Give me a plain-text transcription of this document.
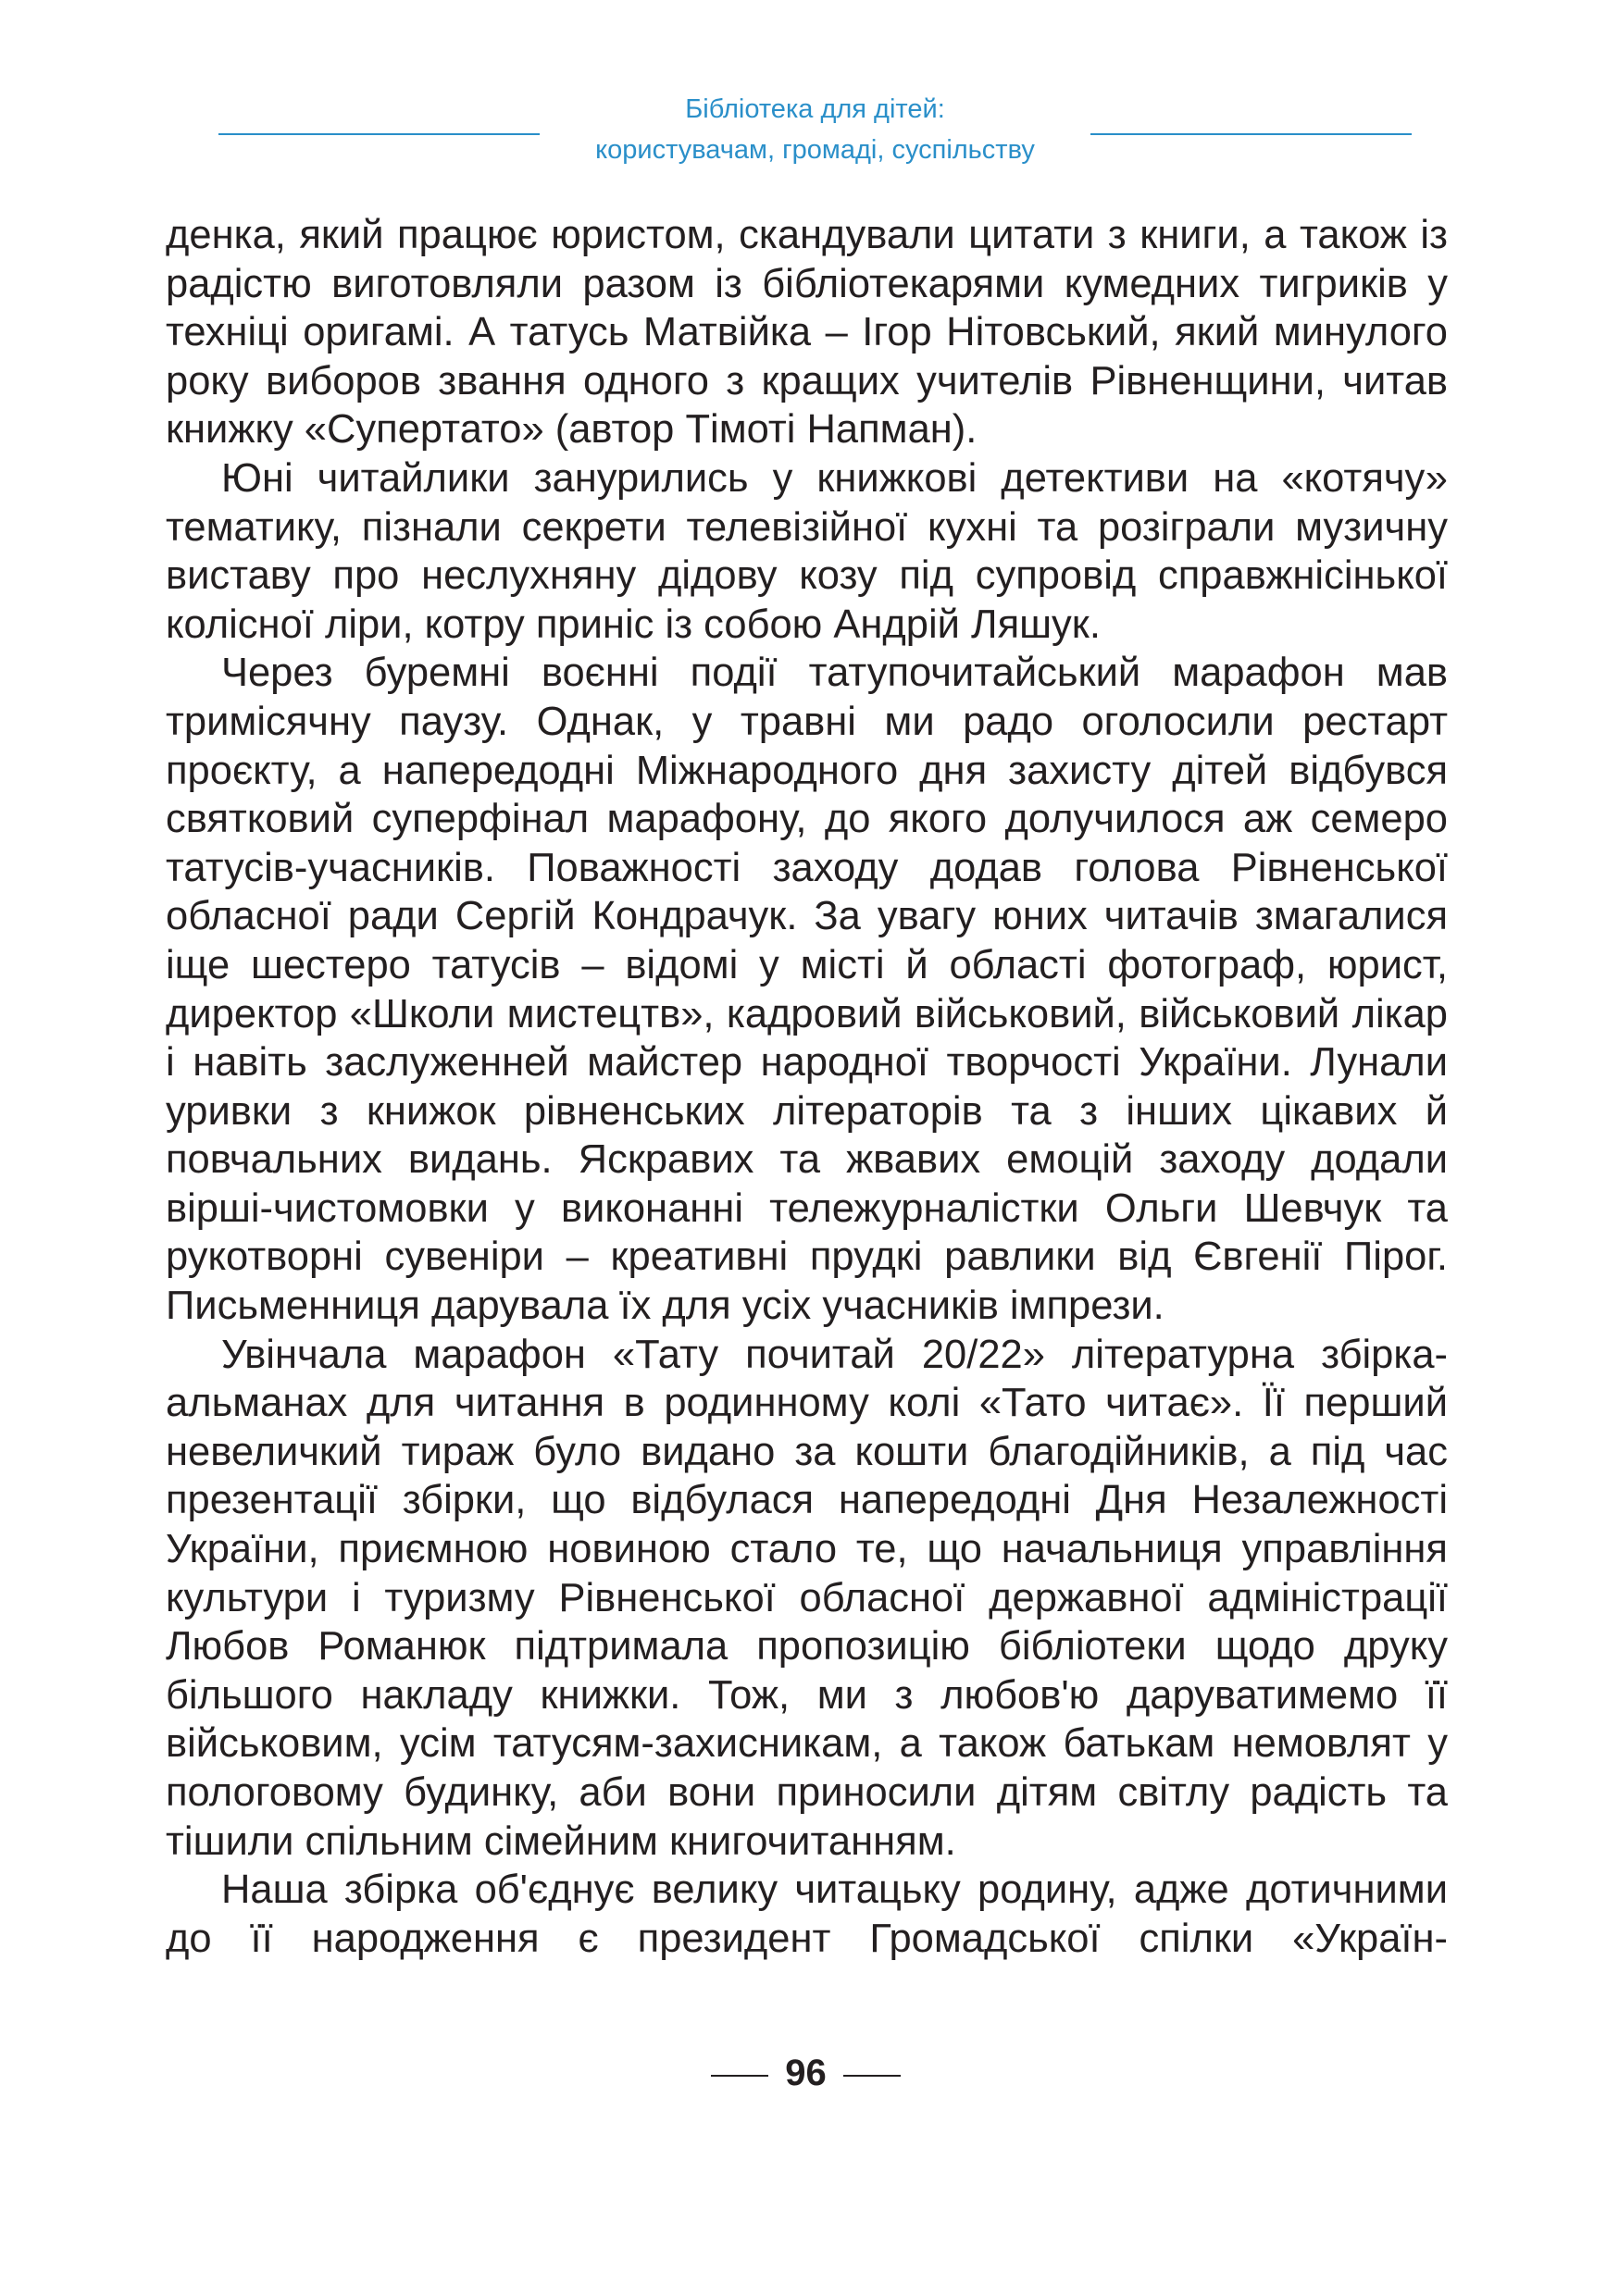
Бібліотека для дітей:
користувачам, громаді, суспільству

денка, який працює юристом, скандували цитати з книги, а також із радістю виготовляли разом із бібліотекарями кумедних тигриків у техніці оригамі. А татусь Матвійка – Ігор Нітовський, який минулого року виборов звання одного з кращих учителів Рівненщини, читав книжку «Супертато» (автор Тімоті Напман).

Юні читайлики занурились у книжкові детективи на «котячу» тематику, пізнали секрети телевізійної кухні та розіграли музичну виставу про неслухняну дідову козу під супровід справжнісінької колісної ліри, котру приніс із собою Андрій Ляшук.

Через буремні воєнні події татупочитайський марафон мав тримісячну паузу. Однак, у травні ми радо оголосили рестарт проєкту, а напередодні Міжнародного дня захисту дітей відбувся святковий суперфінал марафону, до якого долучилося аж семеро татусів-учасників. Поважності заходу додав голова Рівненської обласної ради Сергій Кондрачук. За увагу юних читачів змагалися іще шестеро татусів – відомі у місті й області фотограф, юрист, директор «Школи мистецтв», кадровий військовий, військовий лікар і навіть заслуженней майстер народної творчості України. Лунали уривки з книжок рівненських літераторів та з інших цікавих й повчальних видань. Яскравих та жвавих емоцій заходу додали вірші-чистомовки у виконанні тележурналістки Ольги Шевчук та рукотворні сувеніри – креативні прудкі равлики від Євгенії Пірог. Письменниця дарувала їх для усіх учасників імпрези.

Увінчала марафон «Тату почитай 20/22» літературна збірка-альманах для читання в родинному колі «Тато читає». Її перший невеличкий тираж було видано за кошти благодійників, а під час презентації збірки, що відбулася напередодні Дня Незалежності України, приємною новиною стало те, що начальниця управління культури і туризму Рівненської обласної державної адміністрації Любов Романюк підтримала пропозицію бібліотеки щодо друку більшого накладу книжки. Тож, ми з любов'ю даруватимемо її військовим, усім татусям-захисникам, а також батькам немовлят у пологовому будинку, аби вони приносили дітям світлу радість та тішили спільним сімейним книгочитанням.

Наша збірка об'єднує велику читацьку родину, адже дотичними до її народження є президент Громадської спілки «Україн-

96
